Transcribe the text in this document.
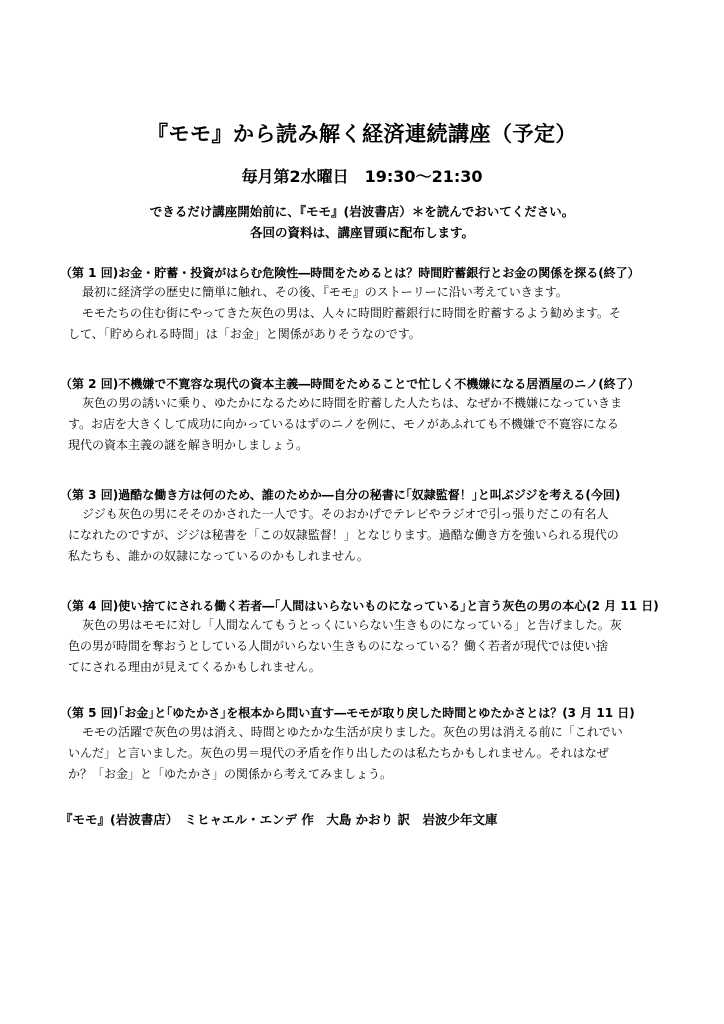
『モモ』から読み解く経済連続講座（予定）
毎月第2水曜日　19:30～21:30
できるだけ講座開始前に、『モモ』(岩波書店）＊を読んでおいてください。
各回の資料は、講座冒頭に配布します。
（第 1 回)お金・貯蓄・投資がはらむ危険性―時間をためるとは？時間貯蓄銀行とお金の関係を探る(終了）
最初に経済学の歴史に簡単に触れ、その後、『モモ』のストーリーに沿い考えていきます。
モモたちの住む街にやってきた灰色の男は、人々に時間貯蓄銀行に時間を貯蓄するよう勧めます。そ
して、「貯められる時間」は「お金」と関係がありそうなのです。
（第 2 回)不機嫌で不寛容な現代の資本主義―時間をためることで忙しく不機嫌になる居酒屋のニノ(終了）
灰色の男の誘いに乗り、ゆたかになるために時間を貯蓄した人たちは、なぜか不機嫌になっていきま
す。お店を大きくして成功に向かっているはずのニノを例に、モノがあふれても不機嫌で不寛容になる
現代の資本主義の謎を解き明かしましょう。
（第 3 回)過酷な働き方は何のため、誰のためか―自分の秘書に｢奴隷監督！｣と叫ぶジジを考える(今回)
ジジも灰色の男にそそのかされた一人です。そのおかげでテレビやラジオで引っ張りだこの有名人
になれたのですが、ジジは秘書を「この奴隷監督！」となじります。過酷な働き方を強いられる現代の
私たちも、誰かの奴隷になっているのかもしれません。
（第 4 回)使い捨てにされる働く若者―｢人間はいらないものになっている｣と言う灰色の男の本心(2 月 11 日)
灰色の男はモモに対し「人間なんてもうとっくにいらない生きものになっている」と告げました。灰
色の男が時間を奪おうとしている人間がいらない生きものになっている？働く若者が現代では使い捨
てにされる理由が見えてくるかもしれません。
（第 5 回)｢お金｣と｢ゆたかさ｣を根本から問い直す―モモが取り戻した時間とゆたかさとは？(3 月 11 日)
モモの活躍で灰色の男は消え、時間とゆたかな生活が戻りました。灰色の男は消える前に「これでい
いんだ」と言いました。灰色の男＝現代の矛盾を作り出したのは私たちかもしれません。それはなぜ
か？「お金」と「ゆたかさ」の関係から考えてみましょう。
『モモ』(岩波書店）　ミヒャエル・エンデ 作　大島 かおり 訳　岩波少年文庫
